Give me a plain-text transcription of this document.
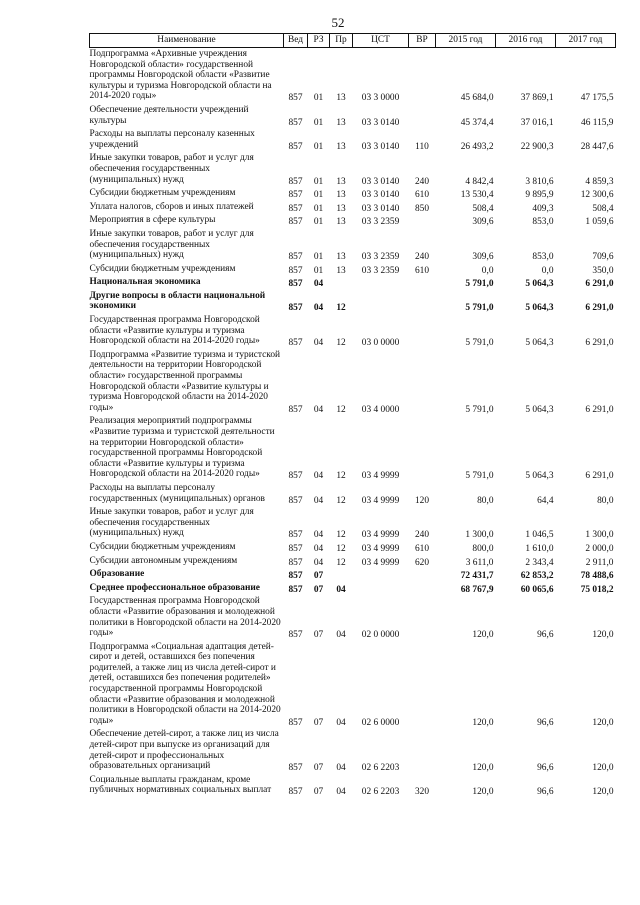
52
Наименование	Вед	РЗ	Пр	ЦСТ	ВР	2015 год	2016 год	2017 год
Подпрограмма «Архивные учреждения Новгородской области» государственной программы Новгородской области «Развитие культуры и туризма Новгородской области на 2014-2020 годы»	857	01	13	03 3 0000		45 684,0	37 869,1	47 175,5
Обеспечение деятельности учреждений культуры	857	01	13	03 3 0140		45 374,4	37 016,1	46 115,9
Расходы на выплаты персоналу казенных учреждений	857	01	13	03 3 0140	110	26 493,2	22 900,3	28 447,6
Иные закупки товаров, работ и услуг для обеспечения государственных (муниципальных) нужд	857	01	13	03 3 0140	240	4 842,4	3 810,6	4 859,3
Субсидии бюджетным учреждениям	857	01	13	03 3 0140	610	13 530,4	9 895,9	12 300,6
Уплата налогов, сборов и иных платежей	857	01	13	03 3 0140	850	508,4	409,3	508,4
Мероприятия в сфере культуры	857	01	13	03 3 2359		309,6	853,0	1 059,6
Иные закупки товаров, работ и услуг для обеспечения государственных (муниципальных) нужд	857	01	13	03 3 2359	240	309,6	853,0	709,6
Субсидии бюджетным учреждениям	857	01	13	03 3 2359	610	0,0	0,0	350,0
Национальная экономика	857	04				5 791,0	5 064,3	6 291,0
Другие вопросы в области национальной экономики	857	04	12			5 791,0	5 064,3	6 291,0
Государственная программа Новгородской области «Развитие культуры и туризма Новгородской области на 2014-2020 годы»	857	04	12	03 0 0000		5 791,0	5 064,3	6 291,0
Подпрограмма «Развитие туризма и туристской деятельности на территории Новгородской области» государственной программы Новгородской области «Развитие культуры и туризма Новгородской области на 2014-2020 годы»	857	04	12	03 4 0000		5 791,0	5 064,3	6 291,0
Реализация мероприятий подпрограммы «Развитие туризма и туристской деятельности на территории Новгородской области» государственной программы Новгородской области «Развитие культуры и туризма Новгородской области на 2014-2020 годы»	857	04	12	03 4 9999		5 791,0	5 064,3	6 291,0
Расходы на выплаты персоналу государственных (муниципальных) органов	857	04	12	03 4 9999	120	80,0	64,4	80,0
Иные закупки товаров, работ и услуг для обеспечения государственных (муниципальных) нужд	857	04	12	03 4 9999	240	1 300,0	1 046,5	1 300,0
Субсидии бюджетным учреждениям	857	04	12	03 4 9999	610	800,0	1 610,0	2 000,0
Субсидии автономным учреждениям	857	04	12	03 4 9999	620	3 611,0	2 343,4	2 911,0
Образование	857	07				72 431,7	62 853,2	78 488,6
Среднее профессиональное образование	857	07	04			68 767,9	60 065,6	75 018,2
Государственная программа Новгородской области «Развитие образования и молодежной политики в Новгородской области на 2014-2020 годы»	857	07	04	02 0 0000		120,0	96,6	120,0
Подпрограмма «Социальная адаптация детей-сирот и детей, оставшихся без попечения родителей, а также лиц из числа детей-сирот и детей, оставшихся без попечения родителей» государственной программы Новгородской области «Развитие образования и молодежной политики в Новгородской области на 2014-2020 годы»	857	07	04	02 6 0000		120,0	96,6	120,0
Обеспечение детей-сирот, а также лиц из числа детей-сирот при выпуске из организаций для детей-сирот и профессиональных образовательных организаций	857	07	04	02 6 2203		120,0	96,6	120,0
Социальные выплаты гражданам, кроме публичных нормативных социальных выплат	857	07	04	02 6 2203	320	120,0	96,6	120,0
